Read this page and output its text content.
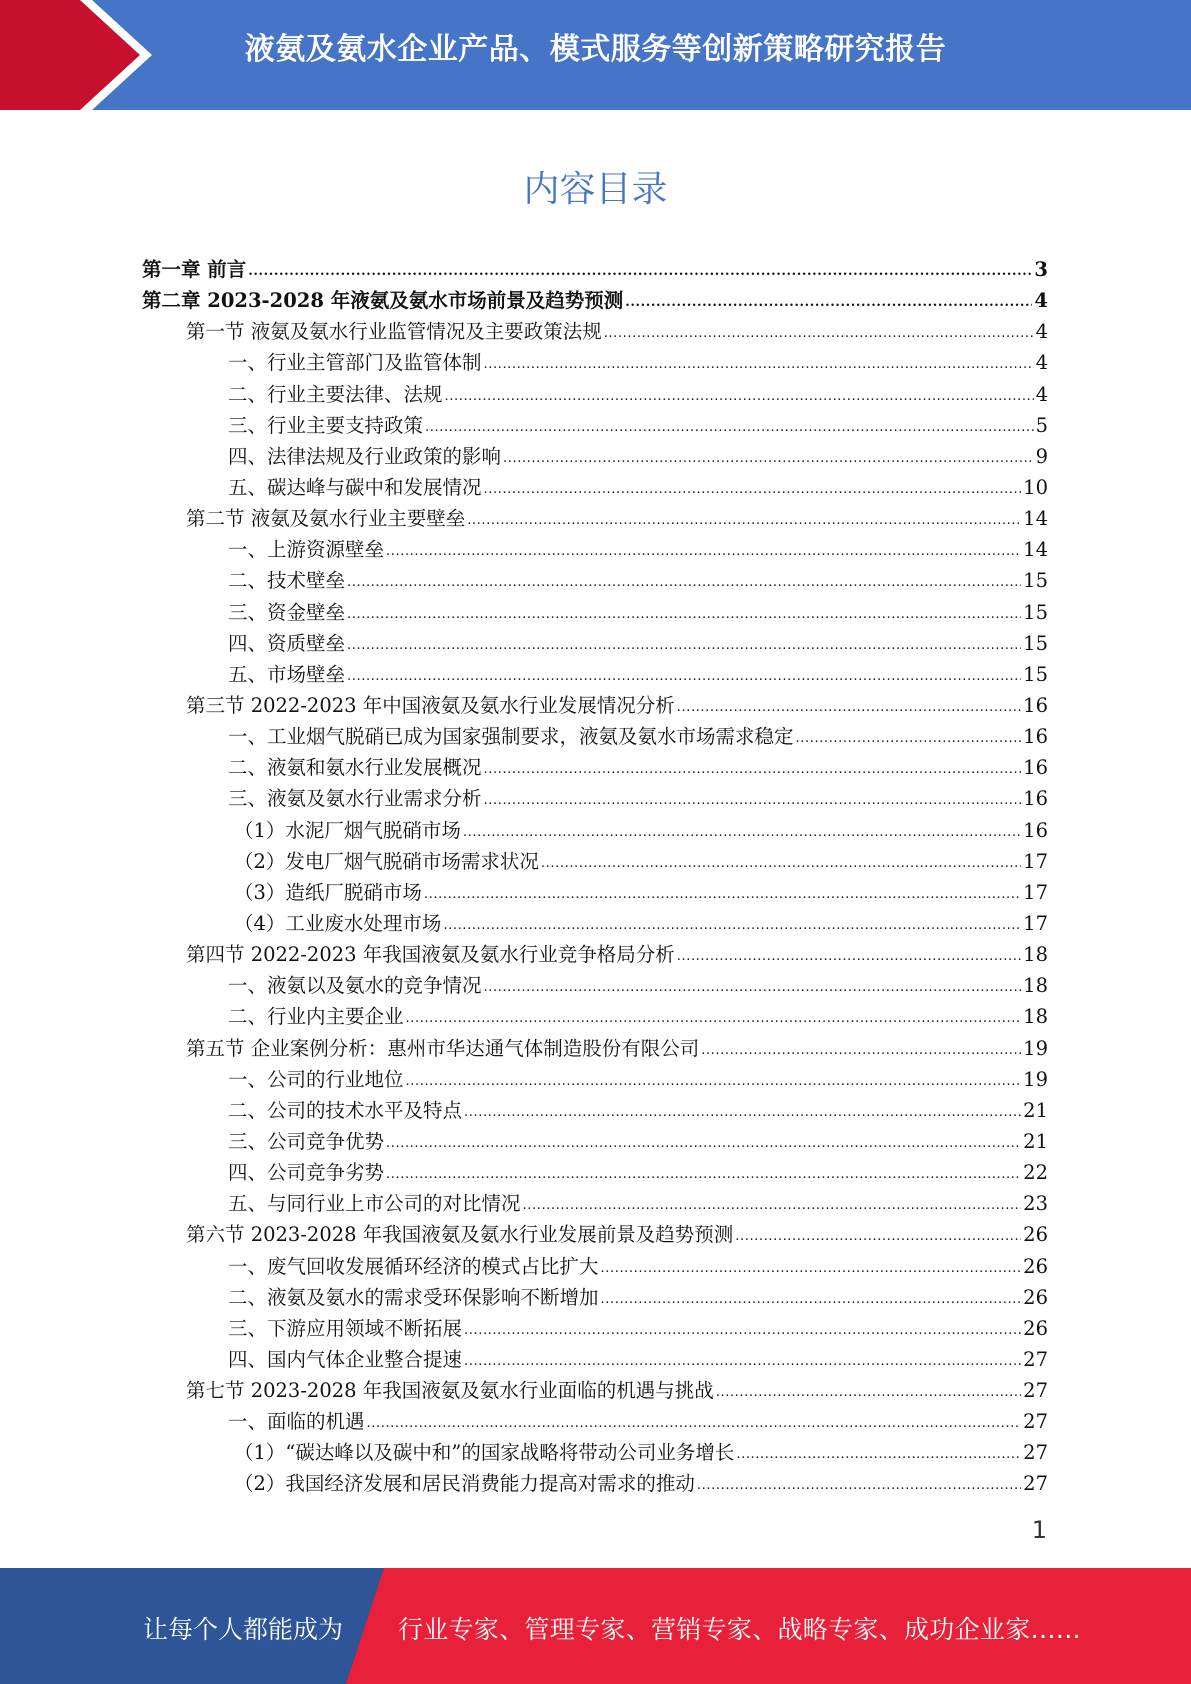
液氨及氨水企业产品、模式服务等创新策略研究报告
内容目录
第一章 前言 .....	3
第二章 2023-2028 年液氨及氨水市场前景及趋势预测 .....	4
第一节 液氨及氨水行业监管情况及主要政策法规 .....	4
一、行业主管部门及监管体制 .....	4
二、行业主要法律、法规 .....	4
三、行业主要支持政策 .....	5
四、法律法规及行业政策的影响 .....	9
五、碳达峰与碳中和发展情况 .....	10
第二节 液氨及氨水行业主要壁垒 .....	14
一、上游资源壁垒 .....	14
二、技术壁垒 .....	15
三、资金壁垒 .....	15
四、资质壁垒 .....	15
五、市场壁垒 .....	15
第三节 2022-2023 年中国液氨及氨水行业发展情况分析 .....	16
一、工业烟气脱硝已成为国家强制要求，液氨及氨水市场需求稳定 .....	16
二、液氨和氨水行业发展概况 .....	16
三、液氨及氨水行业需求分析 .....	16
（1）水泥厂烟气脱硝市场 .....	16
（2）发电厂烟气脱硝市场需求状况 .....	17
（3）造纸厂脱硝市场 .....	17
（4）工业废水处理市场 .....	17
第四节 2022-2023 年我国液氨及氨水行业竞争格局分析 .....	18
一、液氨以及氨水的竞争情况 .....	18
二、行业内主要企业 .....	18
第五节 企业案例分析：惠州市华达通气体制造股份有限公司 .....	19
一、公司的行业地位 .....	19
二、公司的技术水平及特点 .....	21
三、公司竞争优势 .....	21
四、公司竞争劣势 .....	22
五、与同行业上市公司的对比情况 .....	23
第六节 2023-2028 年我国液氨及氨水行业发展前景及趋势预测 .....	26
一、废气回收发展循环经济的模式占比扩大 .....	26
二、液氨及氨水的需求受环保影响不断增加 .....	26
三、下游应用领域不断拓展 .....	26
四、国内气体企业整合提速 .....	27
第七节 2023-2028 年我国液氨及氨水行业面临的机遇与挑战 .....	27
一、面临的机遇 .....	27
（1）“碳达峰以及碳中和”的国家战略将带动公司业务增长 .....	27
（2）我国经济发展和居民消费能力提高对需求的推动 .....	27
1
让每个人都能成为 行业专家、管理专家、营销专家、战略专家、成功企业家……
